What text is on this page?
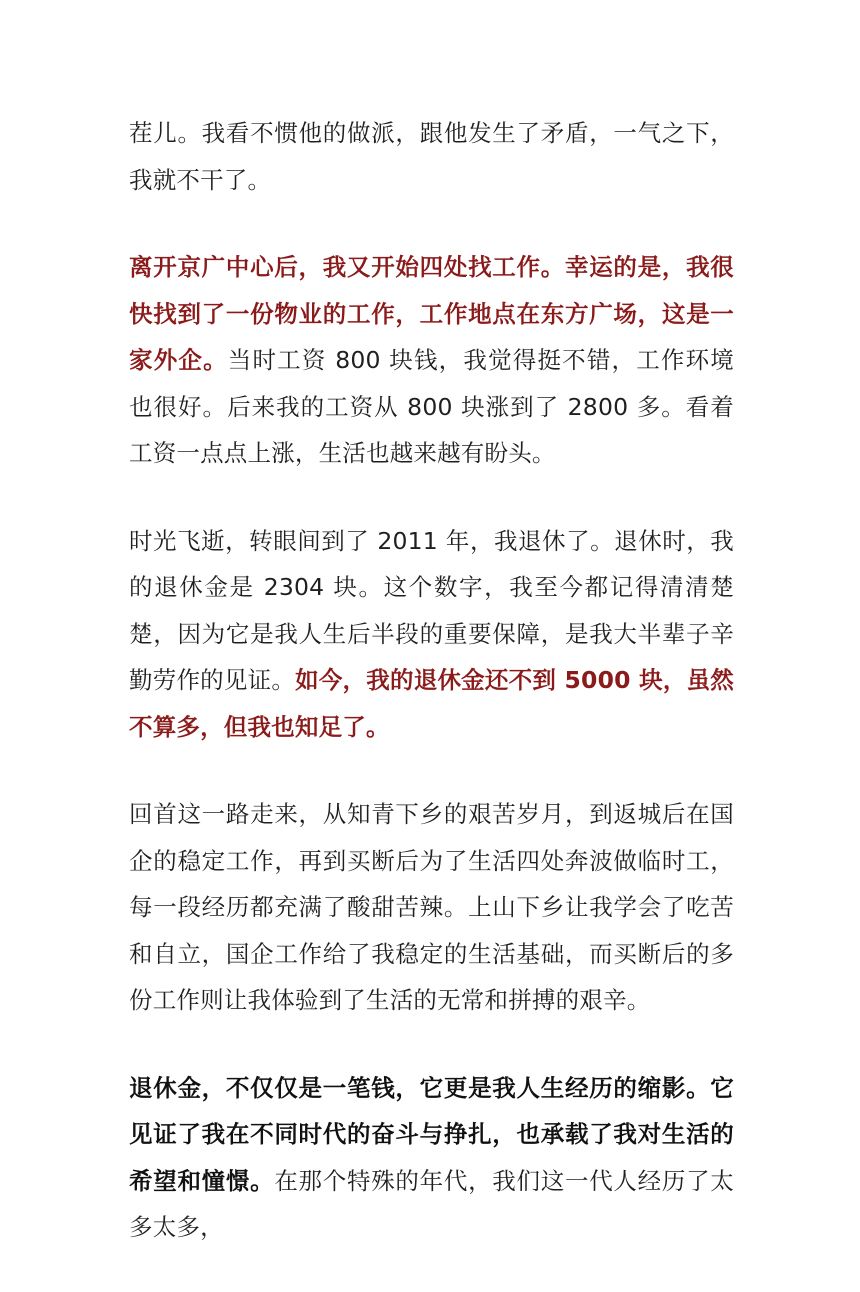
茬儿。我看不惯他的做派，跟他发生了矛盾，一气之下，我就不干了。

离开京广中心后，我又开始四处找工作。幸运的是，我很快找到了一份物业的工作，工作地点在东方广场，这是一家外企。当时工资 800 块钱，我觉得挺不错，工作环境也很好。后来我的工资从 800 块涨到了 2800 多。看着工资一点点上涨，生活也越来越有盼头。

时光飞逝，转眼间到了 2011 年，我退休了。退休时，我的退休金是 2304 块。这个数字，我至今都记得清清楚楚，因为它是我人生后半段的重要保障，是我大半辈子辛勤劳作的见证。如今，我的退休金还不到 5000 块，虽然不算多，但我也知足了。

回首这一路走来，从知青下乡的艰苦岁月，到返城后在国企的稳定工作，再到买断后为了生活四处奔波做临时工，每一段经历都充满了酸甜苦辣。上山下乡让我学会了吃苦和自立，国企工作给了我稳定的生活基础，而买断后的多份工作则让我体验到了生活的无常和拼搏的艰辛。

退休金，不仅仅是一笔钱，它更是我人生经历的缩影。它见证了我在不同时代的奋斗与挣扎，也承载了我对生活的希望和憧憬。在那个特殊的年代，我们这一代人经历了太多太多，
